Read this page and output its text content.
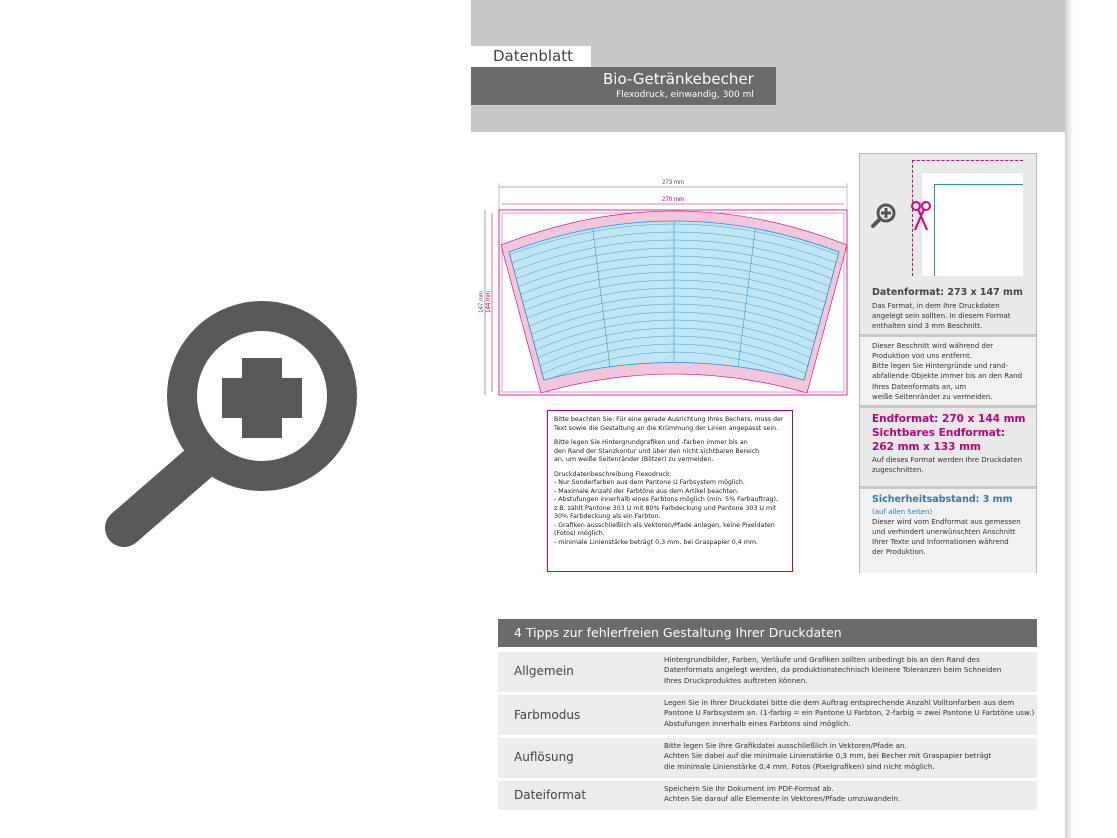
Datenblatt
Bio-Getränkebecher
Flexodruck, einwandig, 300 ml
273 mm
270 mm
147 mm 144 mm

Bitte beachten Sie: Für eine gerade Ausrichtung Ihres Bechers, muss der
Text sowie die Gestaltung an die Krümmung der Linien angepasst sein.

Bitte legen Sie Hintergrundgrafiken und -farben immer bis an
den Rand der Stanzkontur und über den nicht sichtbaren Bereich
an, um weiße Seitenränder (Blitzer) zu vermeiden.

Druckdatenbeschreibung Flexodruck:
- Nur Sonderfarben aus dem Pantone U Farbsystem möglich.
- Maximale Anzahl der Farbtöne aus dem Artikel beachten.
- Abstufungen innerhalb eines Farbtons möglich (min. 5% Farbauftrag),
z.B. zählt Pantone 303 U mit 80% Farbdeckung und Pantone 303 U mit
30% Farbdeckung als ein Farbton.
- Grafiken ausschließlich als Vektoren/Pfade anlegen, keine Pixeldaten
(Fotos) möglich.
- minimale Linienstärke beträgt 0,3 mm, bei Graspapier 0,4 mm.

Datenformat: 273 x 147 mm
Das Format, in dem Ihre Druckdaten
angelegt sein sollten. In diesem Format
enthalten sind 3 mm Beschnitt.
Dieser Beschnitt wird während der
Produktion von uns entfernt.
Bitte legen Sie Hintergründe und rand-
abfallende Objekte immer bis an den Rand
Ihres Datenformats an, um
weiße Seitenränder zu vermeiden.
Endformat: 270 x 144 mm
Sichtbares Endformat:
262 mm x 133 mm
Auf dieses Format werden Ihre Druckdaten
zugeschnitten.
Sicherheitsabstand: 3 mm
(auf allen Seiten)
Dieser wird vom Endformat aus gemessen
und verhindert unerwünschten Anschnitt
Ihrer Texte und Informationen während
der Produktion.
4 Tipps zur fehlerfreien Gestaltung Ihrer Druckdaten
Allgemein
Hintergrundbilder, Farben, Verläufe und Grafiken sollten unbedingt bis an den Rand des
Datenformats angelegt werden, da produktionstechnisch kleinere Toleranzen beim Schneiden
Ihres Druckproduktes auftreten können.
Farbmodus
Legen Sie in Ihrer Druckdatei bitte die dem Auftrag entsprechende Anzahl Volltonfarben aus dem
Pantone U Farbsystem an. (1-farbig = ein Pantone U Farbton, 2-farbig = zwei Pantone U Farbtöne usw.)
Abstufungen innerhalb eines Farbtons sind möglich.
Auflösung
Bitte legen Sie Ihre Grafikdatei ausschließlich in Vektoren/Pfade an.
Achten Sie dabei auf die minimale Linienstärke 0,3 mm, bei Becher mit Graspapier beträgt
die minimale Linienstärke 0,4 mm. Fotos (Pixelgrafiken) sind nicht möglich.
Dateiformat	Speichern Sie Ihr Dokument im PDF-Format ab.
Achten Sie darauf alle Elemente in Vektoren/Pfade umzuwandeln.
